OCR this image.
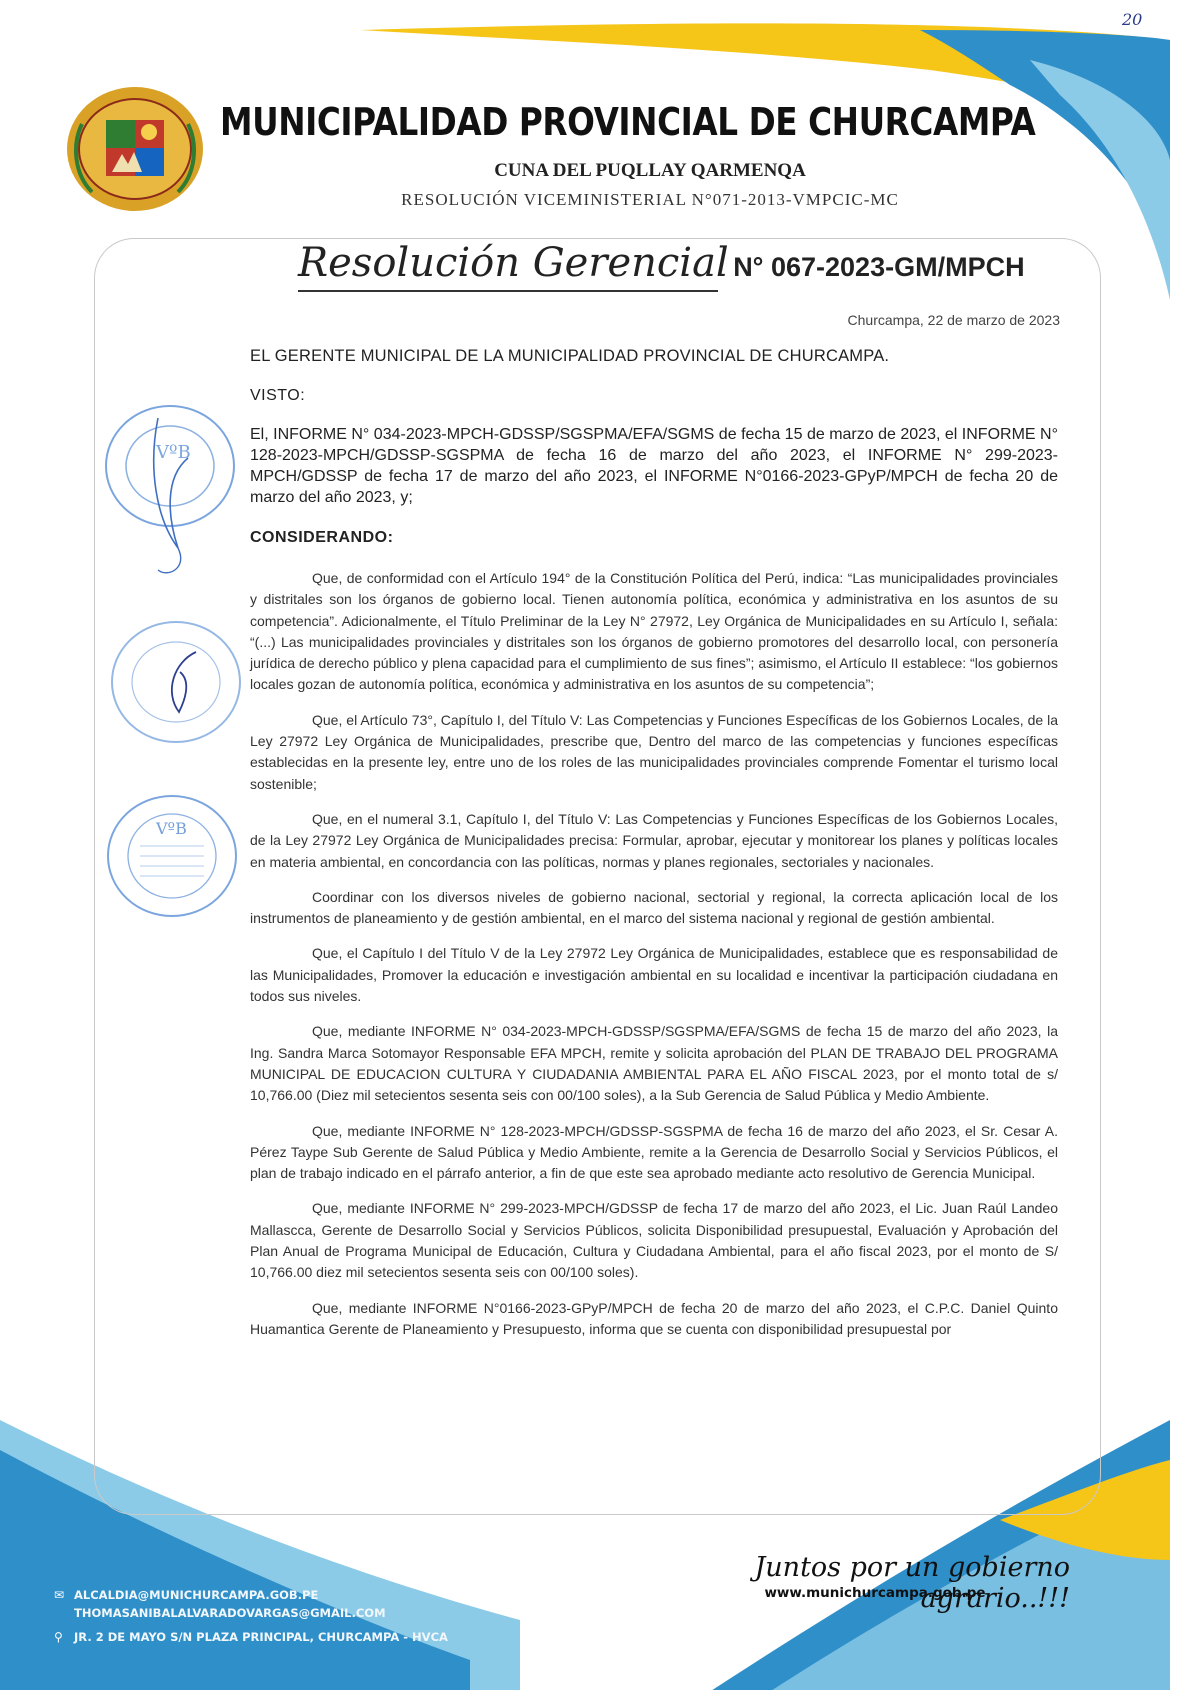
20
MUNICIPALIDAD PROVINCIAL DE CHURCAMPA
CUNA DEL PUQLLAY QARMENQA
RESOLUCIÓN VICEMINISTERIAL N°071-2013-VMPCIC-MC
Resolución Gerencial N° 067-2023-GM/MPCH
Churcampa, 22 de marzo de 2023
EL GERENTE MUNICIPAL DE LA MUNICIPALIDAD PROVINCIAL DE CHURCAMPA.
VISTO:
El, INFORME N° 034-2023-MPCH-GDSSP/SGSPMA/EFA/SGMS de fecha 15 de marzo de 2023, el INFORME N° 128-2023-MPCH/GDSSP-SGSPMA de fecha 16 de marzo del año 2023, el INFORME N° 299-2023-MPCH/GDSSP de fecha 17 de marzo del año 2023, el INFORME N°0166-2023-GPyP/MPCH de fecha 20 de marzo del año 2023, y;
CONSIDERANDO:

Que, de conformidad con el Artículo 194° de la Constitución Política del Perú, indica: “Las municipalidades provinciales y distritales son los órganos de gobierno local. Tienen autonomía política, económica y administrativa en los asuntos de su competencia”. Adicionalmente, el Título Preliminar de la Ley N° 27972, Ley Orgánica de Municipalidades en su Artículo I, señala: “(...) Las municipalidades provinciales y distritales son los órganos de gobierno promotores del desarrollo local, con personería jurídica de derecho público y plena capacidad para el cumplimiento de sus fines”; asimismo, el Artículo II establece: “los gobiernos locales gozan de autonomía política, económica y administrativa en los asuntos de su competencia”;

Que, el Artículo 73°, Capítulo I, del Título V: Las Competencias y Funciones Específicas de los Gobiernos Locales, de la Ley 27972 Ley Orgánica de Municipalidades, prescribe que, Dentro del marco de las competencias y funciones específicas establecidas en la presente ley, entre uno de los roles de las municipalidades provinciales comprende Fomentar el turismo local sostenible;

Que, en el numeral 3.1, Capítulo I, del Título V: Las Competencias y Funciones Específicas de los Gobiernos Locales, de la Ley 27972 Ley Orgánica de Municipalidades precisa: Formular, aprobar, ejecutar y monitorear los planes y políticas locales en materia ambiental, en concordancia con las políticas, normas y planes regionales, sectoriales y nacionales.

Coordinar con los diversos niveles de gobierno nacional, sectorial y regional, la correcta aplicación local de los instrumentos de planeamiento y de gestión ambiental, en el marco del sistema nacional y regional de gestión ambiental.

Que, el Capítulo I del Título V de la Ley 27972 Ley Orgánica de Municipalidades, establece que es responsabilidad de las Municipalidades, Promover la educación e investigación ambiental en su localidad e incentivar la participación ciudadana en todos sus niveles.

Que, mediante INFORME N° 034-2023-MPCH-GDSSP/SGSPMA/EFA/SGMS de fecha 15 de marzo del año 2023, la Ing. Sandra Marca Sotomayor Responsable EFA MPCH, remite y solicita aprobación del PLAN DE TRABAJO DEL PROGRAMA MUNICIPAL DE EDUCACION CULTURA Y CIUDADANIA AMBIENTAL PARA EL AÑO FISCAL 2023, por el monto total de s/ 10,766.00 (Diez mil setecientos sesenta seis con 00/100 soles), a la Sub Gerencia de Salud Pública y Medio Ambiente.

Que, mediante INFORME N° 128-2023-MPCH/GDSSP-SGSPMA de fecha 16 de marzo del año 2023, el Sr. Cesar A. Pérez Taype Sub Gerente de Salud Pública y Medio Ambiente, remite a la Gerencia de Desarrollo Social y Servicios Públicos, el plan de trabajo indicado en el párrafo anterior, a fin de que este sea aprobado mediante acto resolutivo de Gerencia Municipal.

Que, mediante INFORME N° 299-2023-MPCH/GDSSP de fecha 17 de marzo del año 2023, el Lic. Juan Raúl Landeo Mallascca, Gerente de Desarrollo Social y Servicios Públicos, solicita Disponibilidad presupuestal, Evaluación y Aprobación del Plan Anual de Programa Municipal de Educación, Cultura y Ciudadana Ambiental, para el año fiscal 2023, por el monto de S/ 10,766.00 diez mil setecientos sesenta seis con 00/100 soles).

Que, mediante INFORME N°0166-2023-GPyP/MPCH de fecha 20 de marzo del año 2023, el C.P.C. Daniel Quinto Huamantica Gerente de Planeamiento y Presupuesto, informa que se cuenta con disponibilidad presupuestal por

VºB
VºB
Juntos por un gobierno agrario..!!!
www.munichurcampa.gob.pe
✉ ALCALDIA@MUNICHURCAMPA.GOB.PE
THOMASANIBALALVARADOVARGAS@GMAIL.COM
⚲ JR. 2 DE MAYO S/N PLAZA PRINCIPAL, CHURCAMPA - HVCA
